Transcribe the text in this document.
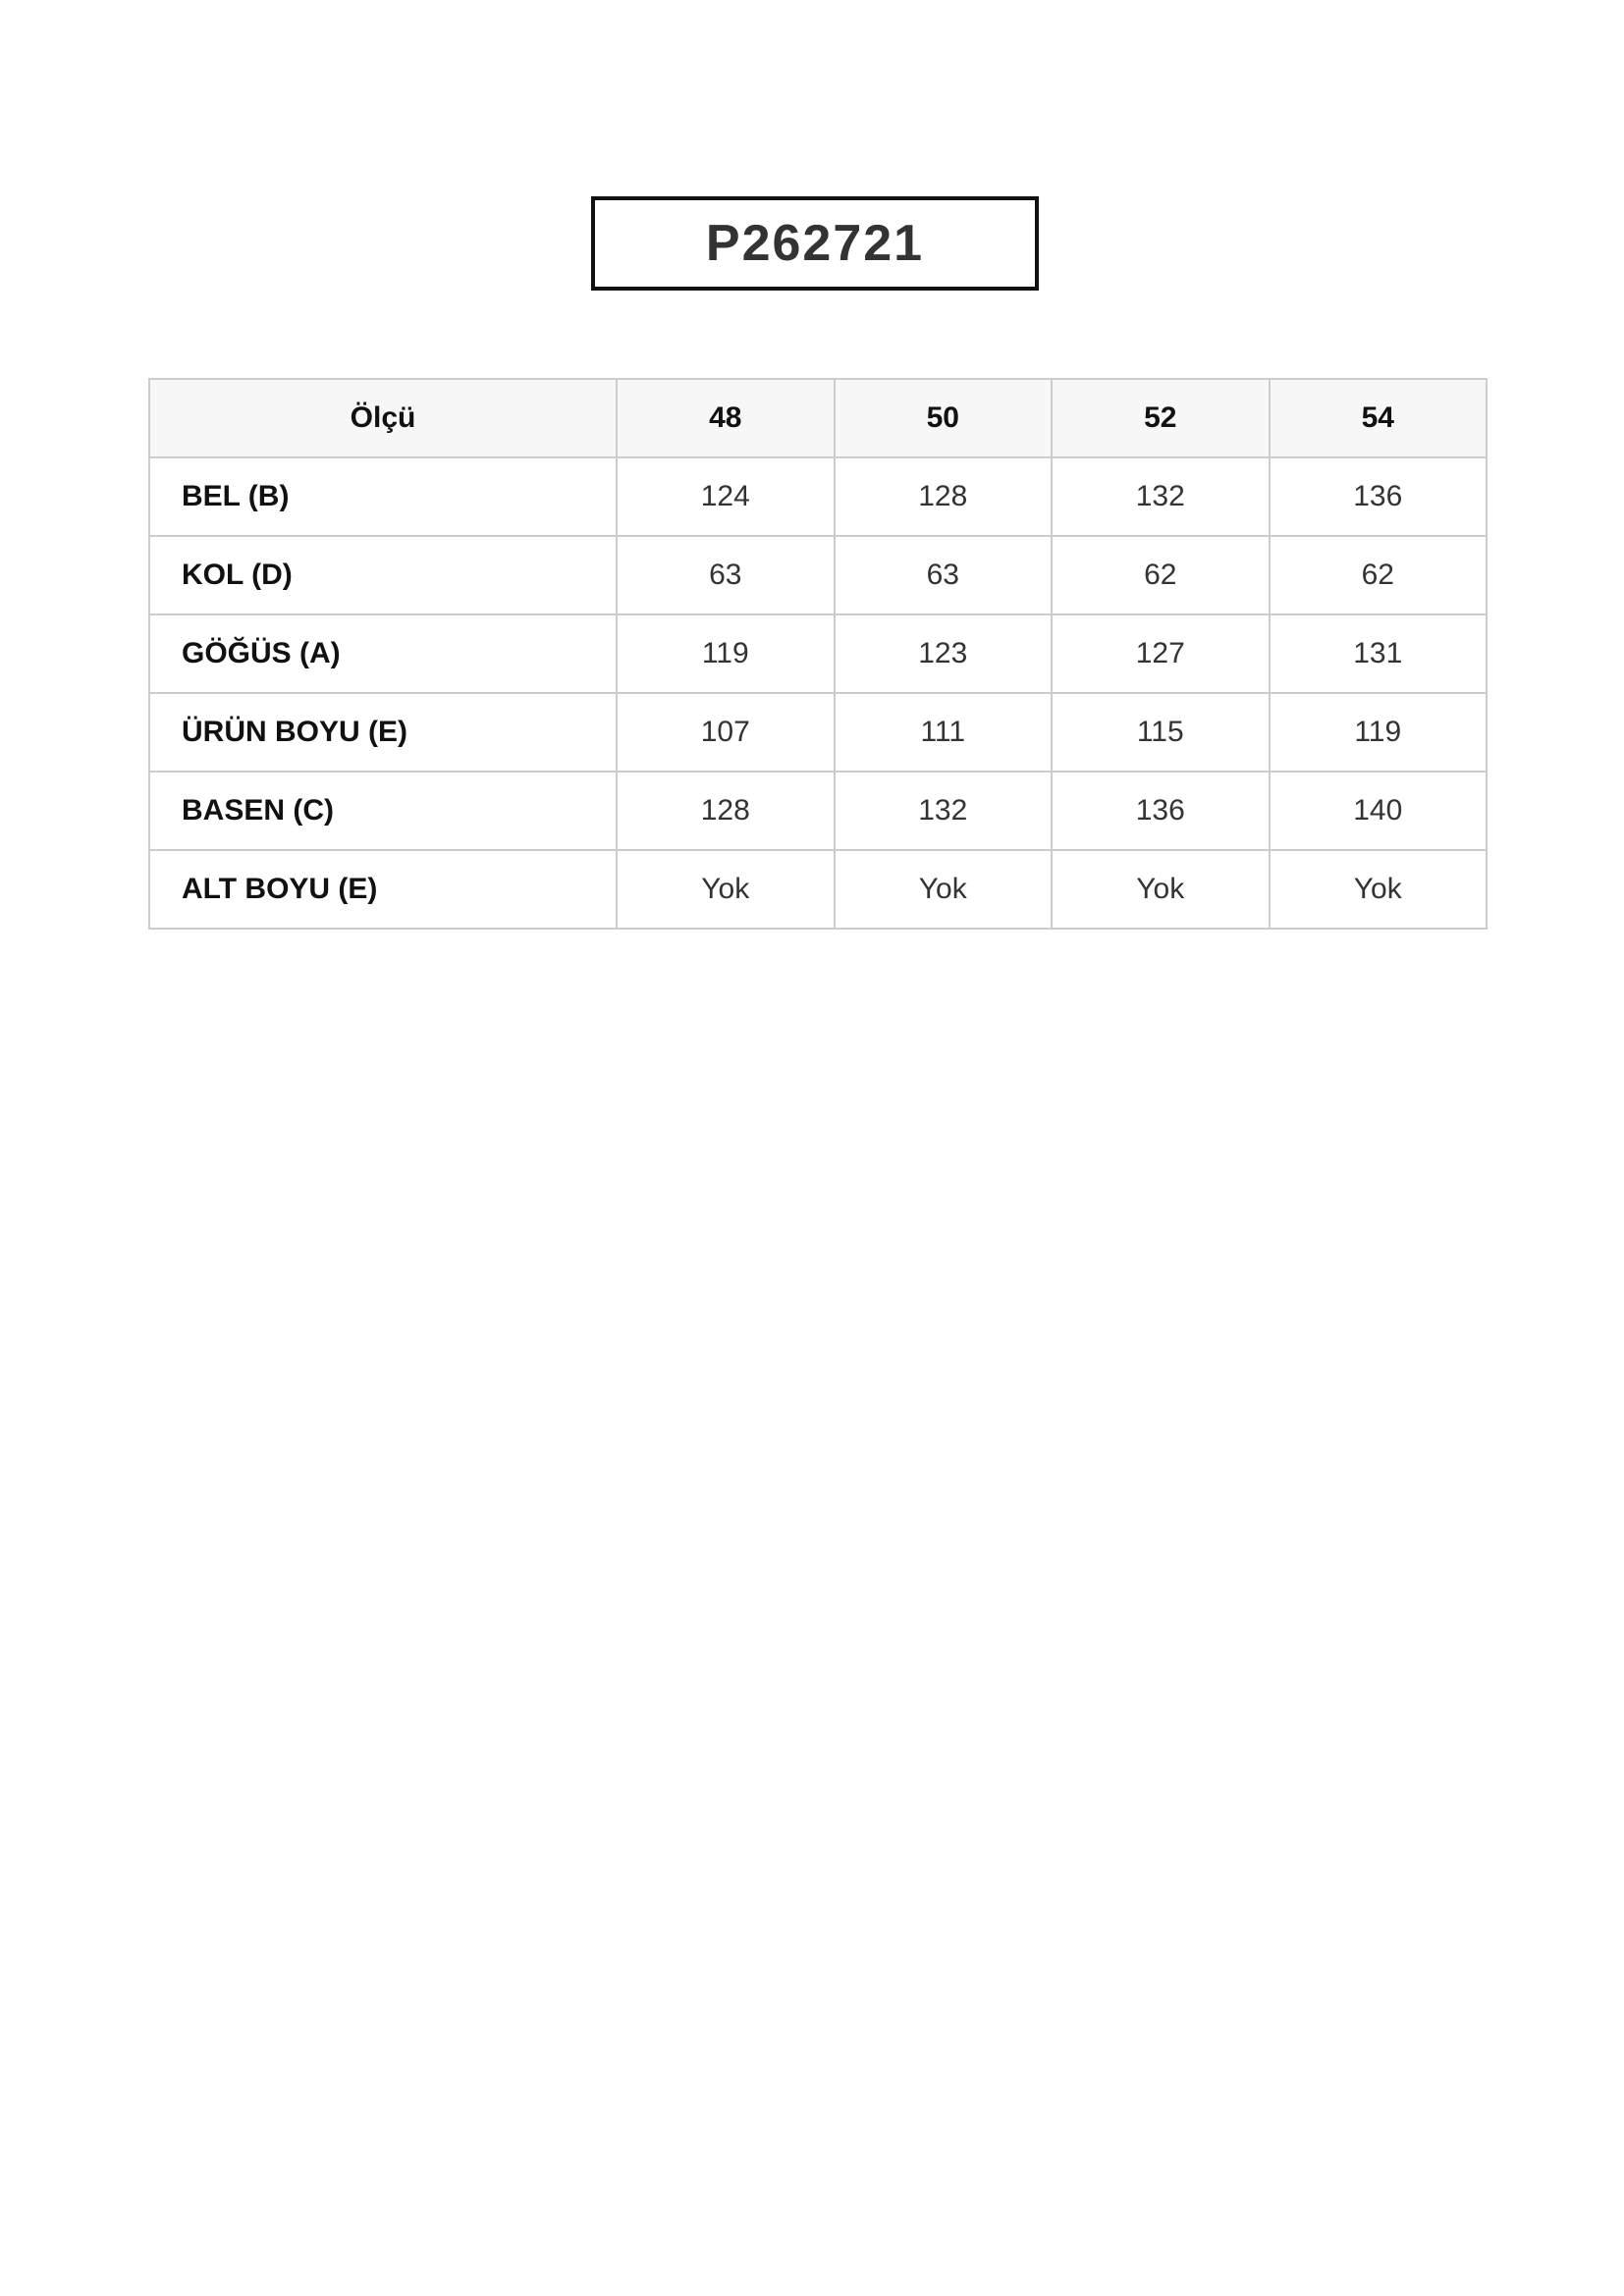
P262721
Ölçü	48	50	52	54
BEL (B)	124	128	132	136
KOL (D)	63	63	62	62
GÖĞÜS (A)	119	123	127	131
ÜRÜN BOYU (E)	107	111	115	119
BASEN (C)	128	132	136	140
ALT BOYU (E)	Yok	Yok	Yok	Yok
